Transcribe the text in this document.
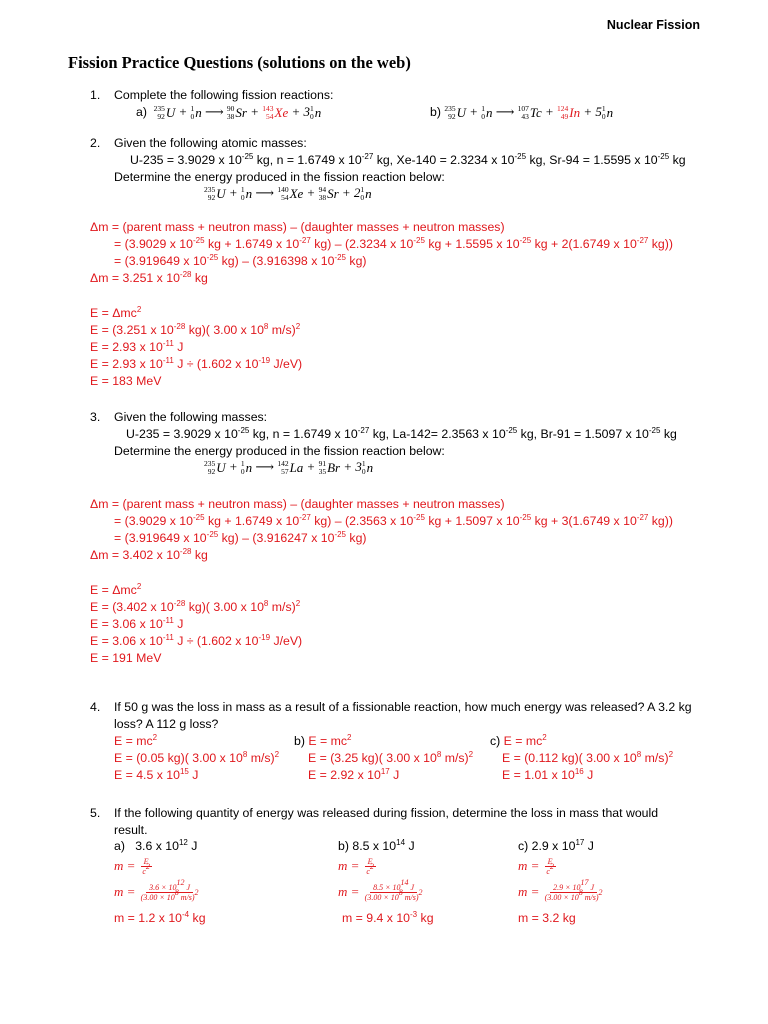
Nuclear Fission
Fission Practice Questions (solutions on the web)
1. Complete the following fission reactions:
a) 235
92 U + 1
0 n ⟶ 90
38 Sr + 143
54 Xe + 3 1
0 n	b) 235
92 U + 1
0 n ⟶ 107
43 Tc + 124
49 In + 5 1
0 n
2. Given the following atomic masses:
U-235 = 3.9029 x $10^{-25}$ kg, n = 1.6749 x $10^{-27}$ kg, Xe-140 = 2.3234 x $10^{-25}$ kg, Sr-94 = 1.5595 x $10^{-25}$ kg
Determine the energy produced in the fission reaction below:
235
92 U + 1
0 n ⟶ 140
54 Xe + 94
38 Sr + 2 1
0 n
Δm = (parent mass + neutron mass) – (daughter masses + neutron masses)
= (3.9029 x $10^{-25}$ kg + 1.6749 x $10^{-27}$ kg) – (2.3234 x $10^{-25}$ kg + 1.5595 x $10^{-25}$ kg + 2(1.6749 x $10^{-27}$ kg))
= (3.919649 x $10^{-25}$ kg) – (3.916398 x $10^{-25}$ kg)
Δm = 3.251 x $10^{-28}$ kg
E = Δmc$^2$
E = (3.251 x $10^{-28}$ kg)( 3.00 x $10^8$ m/s)$^2$
E = 2.93 x $10^{-11}$ J
E = 2.93 x $10^{-11}$ J ÷ (1.602 x $10^{-19}$ J/eV)
E = 183 MeV
3. Given the following masses:
U-235 = 3.9029 x $10^{-25}$ kg, n = 1.6749 x $10^{-27}$ kg, La-142= 2.3563 x $10^{-25}$ kg, Br-91 = 1.5097 x $10^{-25}$ kg
Determine the energy produced in the fission reaction below:
235
92 U + 1
0 n ⟶ 142
57 La + 91
35 Br + 3 1
0 n
Δm = (parent mass + neutron mass) – (daughter masses + neutron masses)
= (3.9029 x $10^{-25}$ kg + 1.6749 x $10^{-27}$ kg) – (2.3563 x $10^{-25}$ kg + 1.5097 x $10^{-25}$ kg + 3(1.6749 x $10^{-27}$ kg))
= (3.919649 x $10^{-25}$ kg) – (3.916247 x $10^{-25}$ kg)
Δm = 3.402 x $10^{-28}$ kg
E = Δmc$^2$
E = (3.402 x $10^{-28}$ kg)( 3.00 x $10^8$ m/s)$^2$
E = 3.06 x $10^{-11}$ J
E = 3.06 x $10^{-11}$ J ÷ (1.602 x $10^{-19}$ J/eV)
E = 191 MeV
4. If 50 g was the loss in mass as a result of a fissionable reaction, how much energy was released? A 3.2 kg
loss? A 112 g loss?
$E = mc^2$
E = (0.05 kg)( 3.00 x $10^8$ m/s)$^2$
E = 4.5 x $10^{15}$ J
b) $E = mc^2$
E = (3.25 kg)( 3.00 x $10^8$ m/s)$^2$
E = 2.92 x $10^{17}$ J
c) $E = mc^2$
E = (0.112 kg)( 3.00 x $10^8$ m/s)$^2$
E = 1.01 x $10^{16}$ J
5. If the following quantity of energy was released during fission, determine the loss in mass that would
result.
a) 3.6 x $10^{12}$ J
$m = \frac{E}{c^2}$
$m = \frac{3.6 \times 10^{12} J}{(3.00 \times 10^8 m/s)^2}$
m = 1.2 x $10^{-4}$ kg
b) 8.5 x $10^{14}$ J
$m = \frac{E}{c^2}$
$m = \frac{8.5 \times 10^{14} J}{(3.00 \times 10^8 m/s)^2}$
m = 9.4 x $10^{-3}$ kg
c) 2.9 x $10^{17}$ J
$m = \frac{E}{c^2}$
$m = \frac{2.9 \times 10^{17} J}{(3.00 \times 10^8 m/s)^2}$
m = 3.2 kg
